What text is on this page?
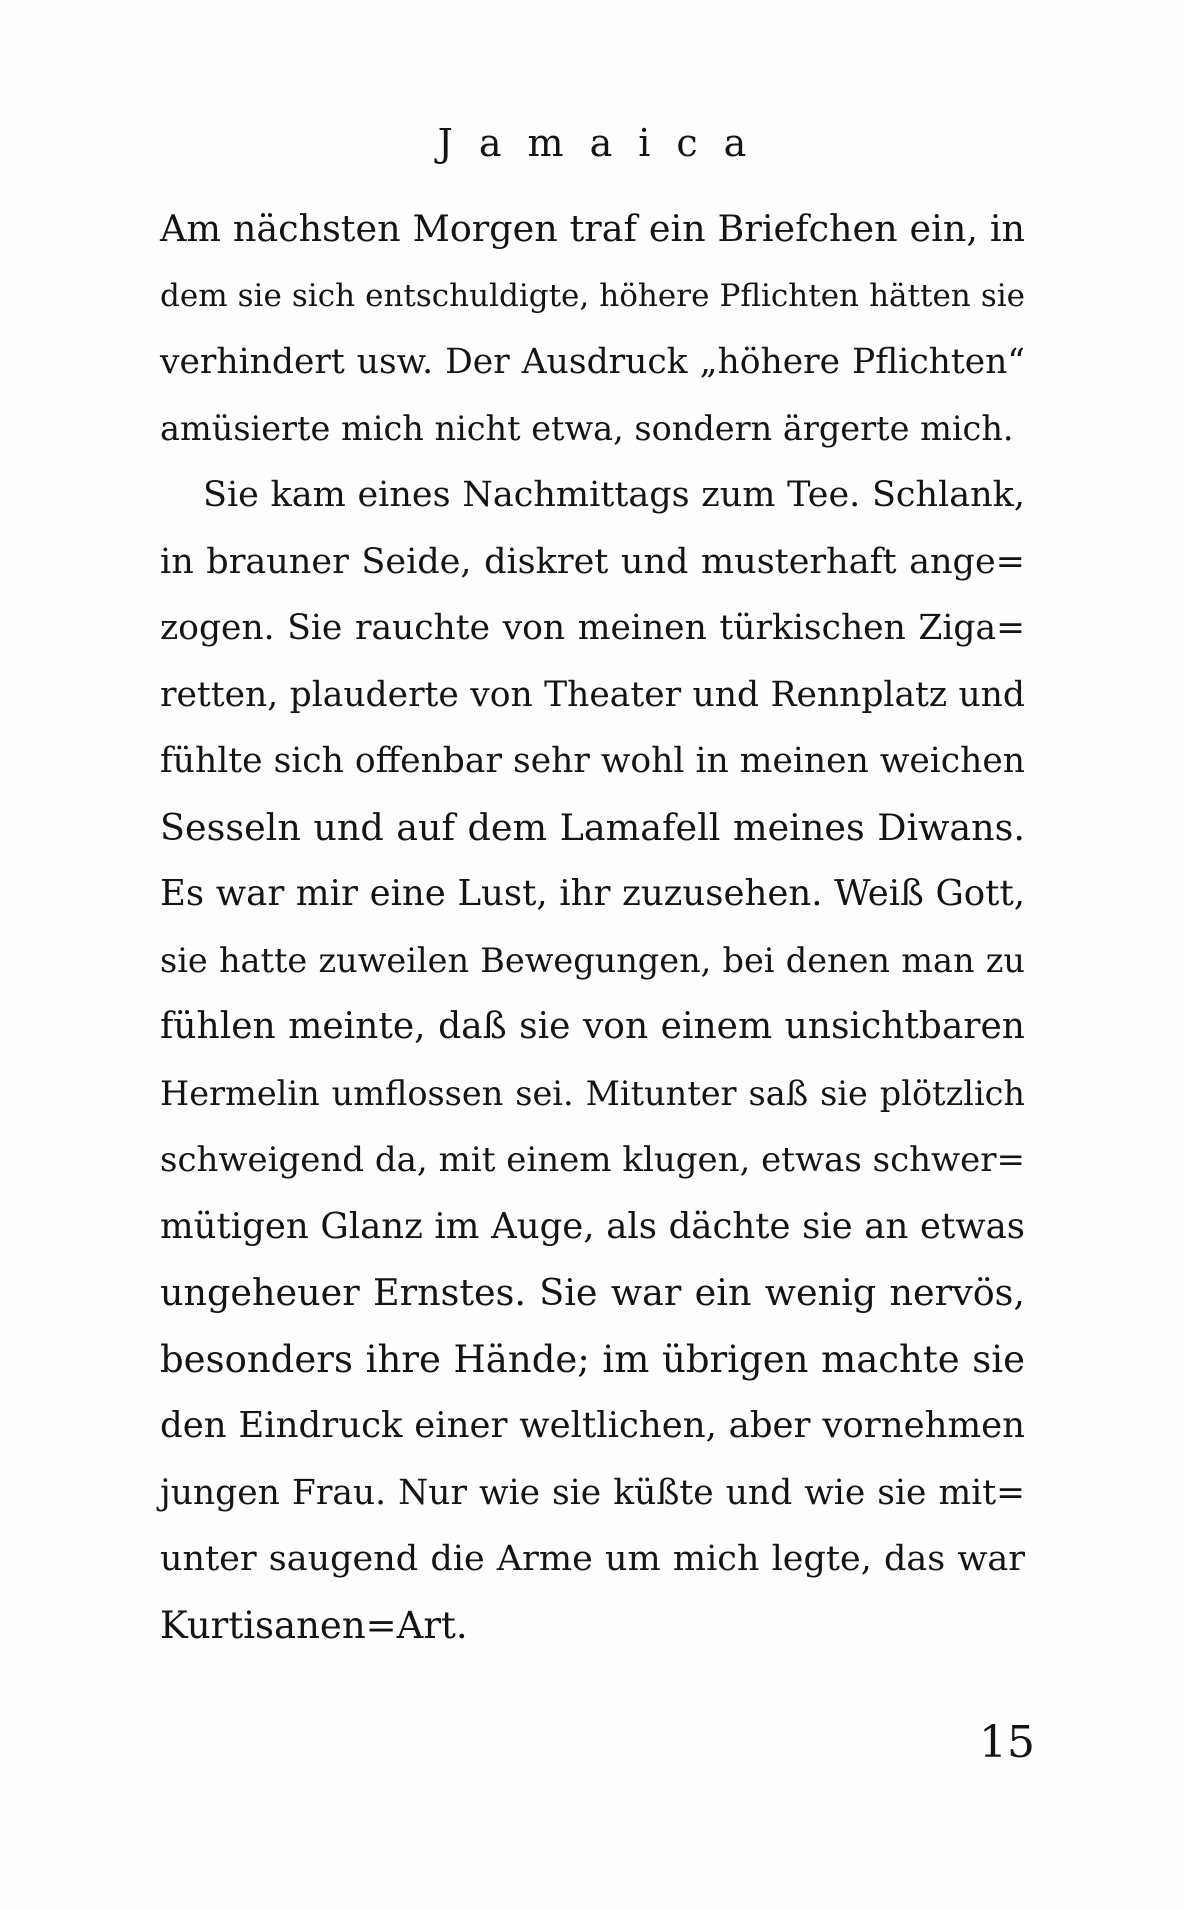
Jamaica
Am nächsten Morgen traf ein Briefchen ein, in
dem sie sich entschuldigte, höhere Pflichten hätten sie
verhindert usw. Der Ausdruck „höhere Pflichten“
amüsierte mich nicht etwa, sondern ärgerte mich.
Sie kam eines Nachmittags zum Tee. Schlank,
in brauner Seide, diskret und musterhaft ange=
zogen. Sie rauchte von meinen türkischen Ziga=
retten, plauderte von Theater und Rennplatz und
fühlte sich offenbar sehr wohl in meinen weichen
Sesseln und auf dem Lamafell meines Diwans.
Es war mir eine Lust, ihr zuzusehen. Weiß Gott,
sie hatte zuweilen Bewegungen, bei denen man zu
fühlen meinte, daß sie von einem unsichtbaren
Hermelin umflossen sei. Mitunter saß sie plötzlich
schweigend da, mit einem klugen, etwas schwer=
mütigen Glanz im Auge, als dächte sie an etwas
ungeheuer Ernstes. Sie war ein wenig nervös,
besonders ihre Hände; im übrigen machte sie
den Eindruck einer weltlichen, aber vornehmen
jungen Frau. Nur wie sie küßte und wie sie mit=
unter saugend die Arme um mich legte, das war
Kurtisanen=Art.
15
